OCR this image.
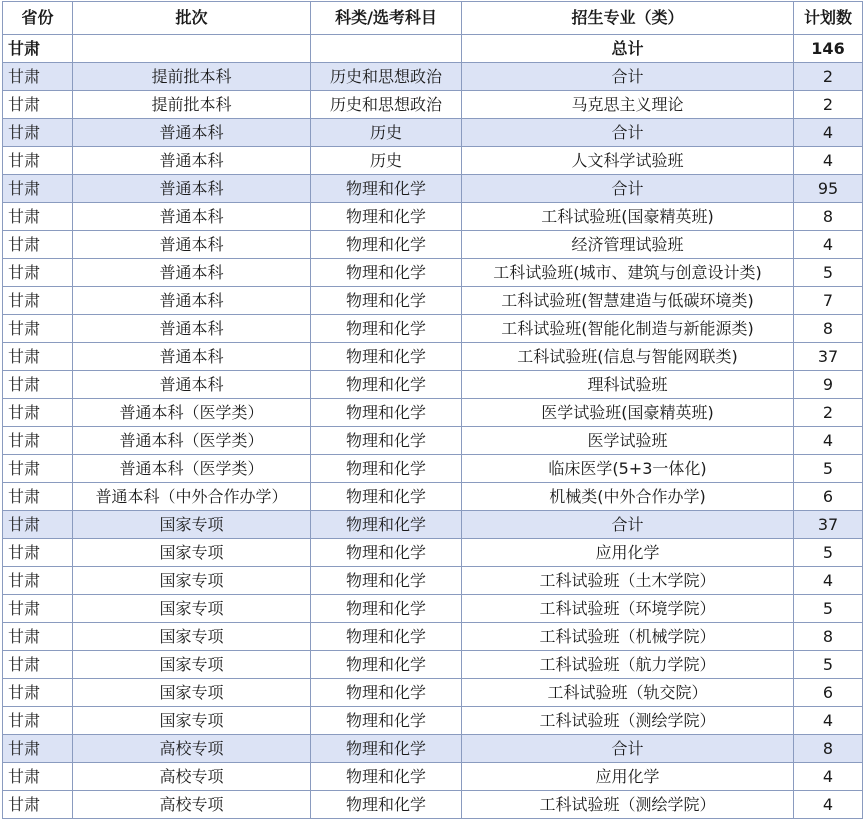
省份	批次	科类/选考科目	招生专业（类）	计划数
甘肃			总计	146
甘肃	提前批本科	历史和思想政治	合计	2
甘肃	提前批本科	历史和思想政治	马克思主义理论	2
甘肃	普通本科	历史	合计	4
甘肃	普通本科	历史	人文科学试验班	4
甘肃	普通本科	物理和化学	合计	95
甘肃	普通本科	物理和化学	工科试验班(国豪精英班)	8
甘肃	普通本科	物理和化学	经济管理试验班	4
甘肃	普通本科	物理和化学	工科试验班(城市、建筑与创意设计类)	5
甘肃	普通本科	物理和化学	工科试验班(智慧建造与低碳环境类)	7
甘肃	普通本科	物理和化学	工科试验班(智能化制造与新能源类)	8
甘肃	普通本科	物理和化学	工科试验班(信息与智能网联类)	37
甘肃	普通本科	物理和化学	理科试验班	9
甘肃	普通本科（医学类）	物理和化学	医学试验班(国豪精英班)	2
甘肃	普通本科（医学类）	物理和化学	医学试验班	4
甘肃	普通本科（医学类）	物理和化学	临床医学(5+3一体化)	5
甘肃	普通本科（中外合作办学）	物理和化学	机械类(中外合作办学)	6
甘肃	国家专项	物理和化学	合计	37
甘肃	国家专项	物理和化学	应用化学	5
甘肃	国家专项	物理和化学	工科试验班（土木学院）	4
甘肃	国家专项	物理和化学	工科试验班（环境学院）	5
甘肃	国家专项	物理和化学	工科试验班（机械学院）	8
甘肃	国家专项	物理和化学	工科试验班（航力学院）	5
甘肃	国家专项	物理和化学	工科试验班（轨交院）	6
甘肃	国家专项	物理和化学	工科试验班（测绘学院）	4
甘肃	高校专项	物理和化学	合计	8
甘肃	高校专项	物理和化学	应用化学	4
甘肃	高校专项	物理和化学	工科试验班（测绘学院）	4
